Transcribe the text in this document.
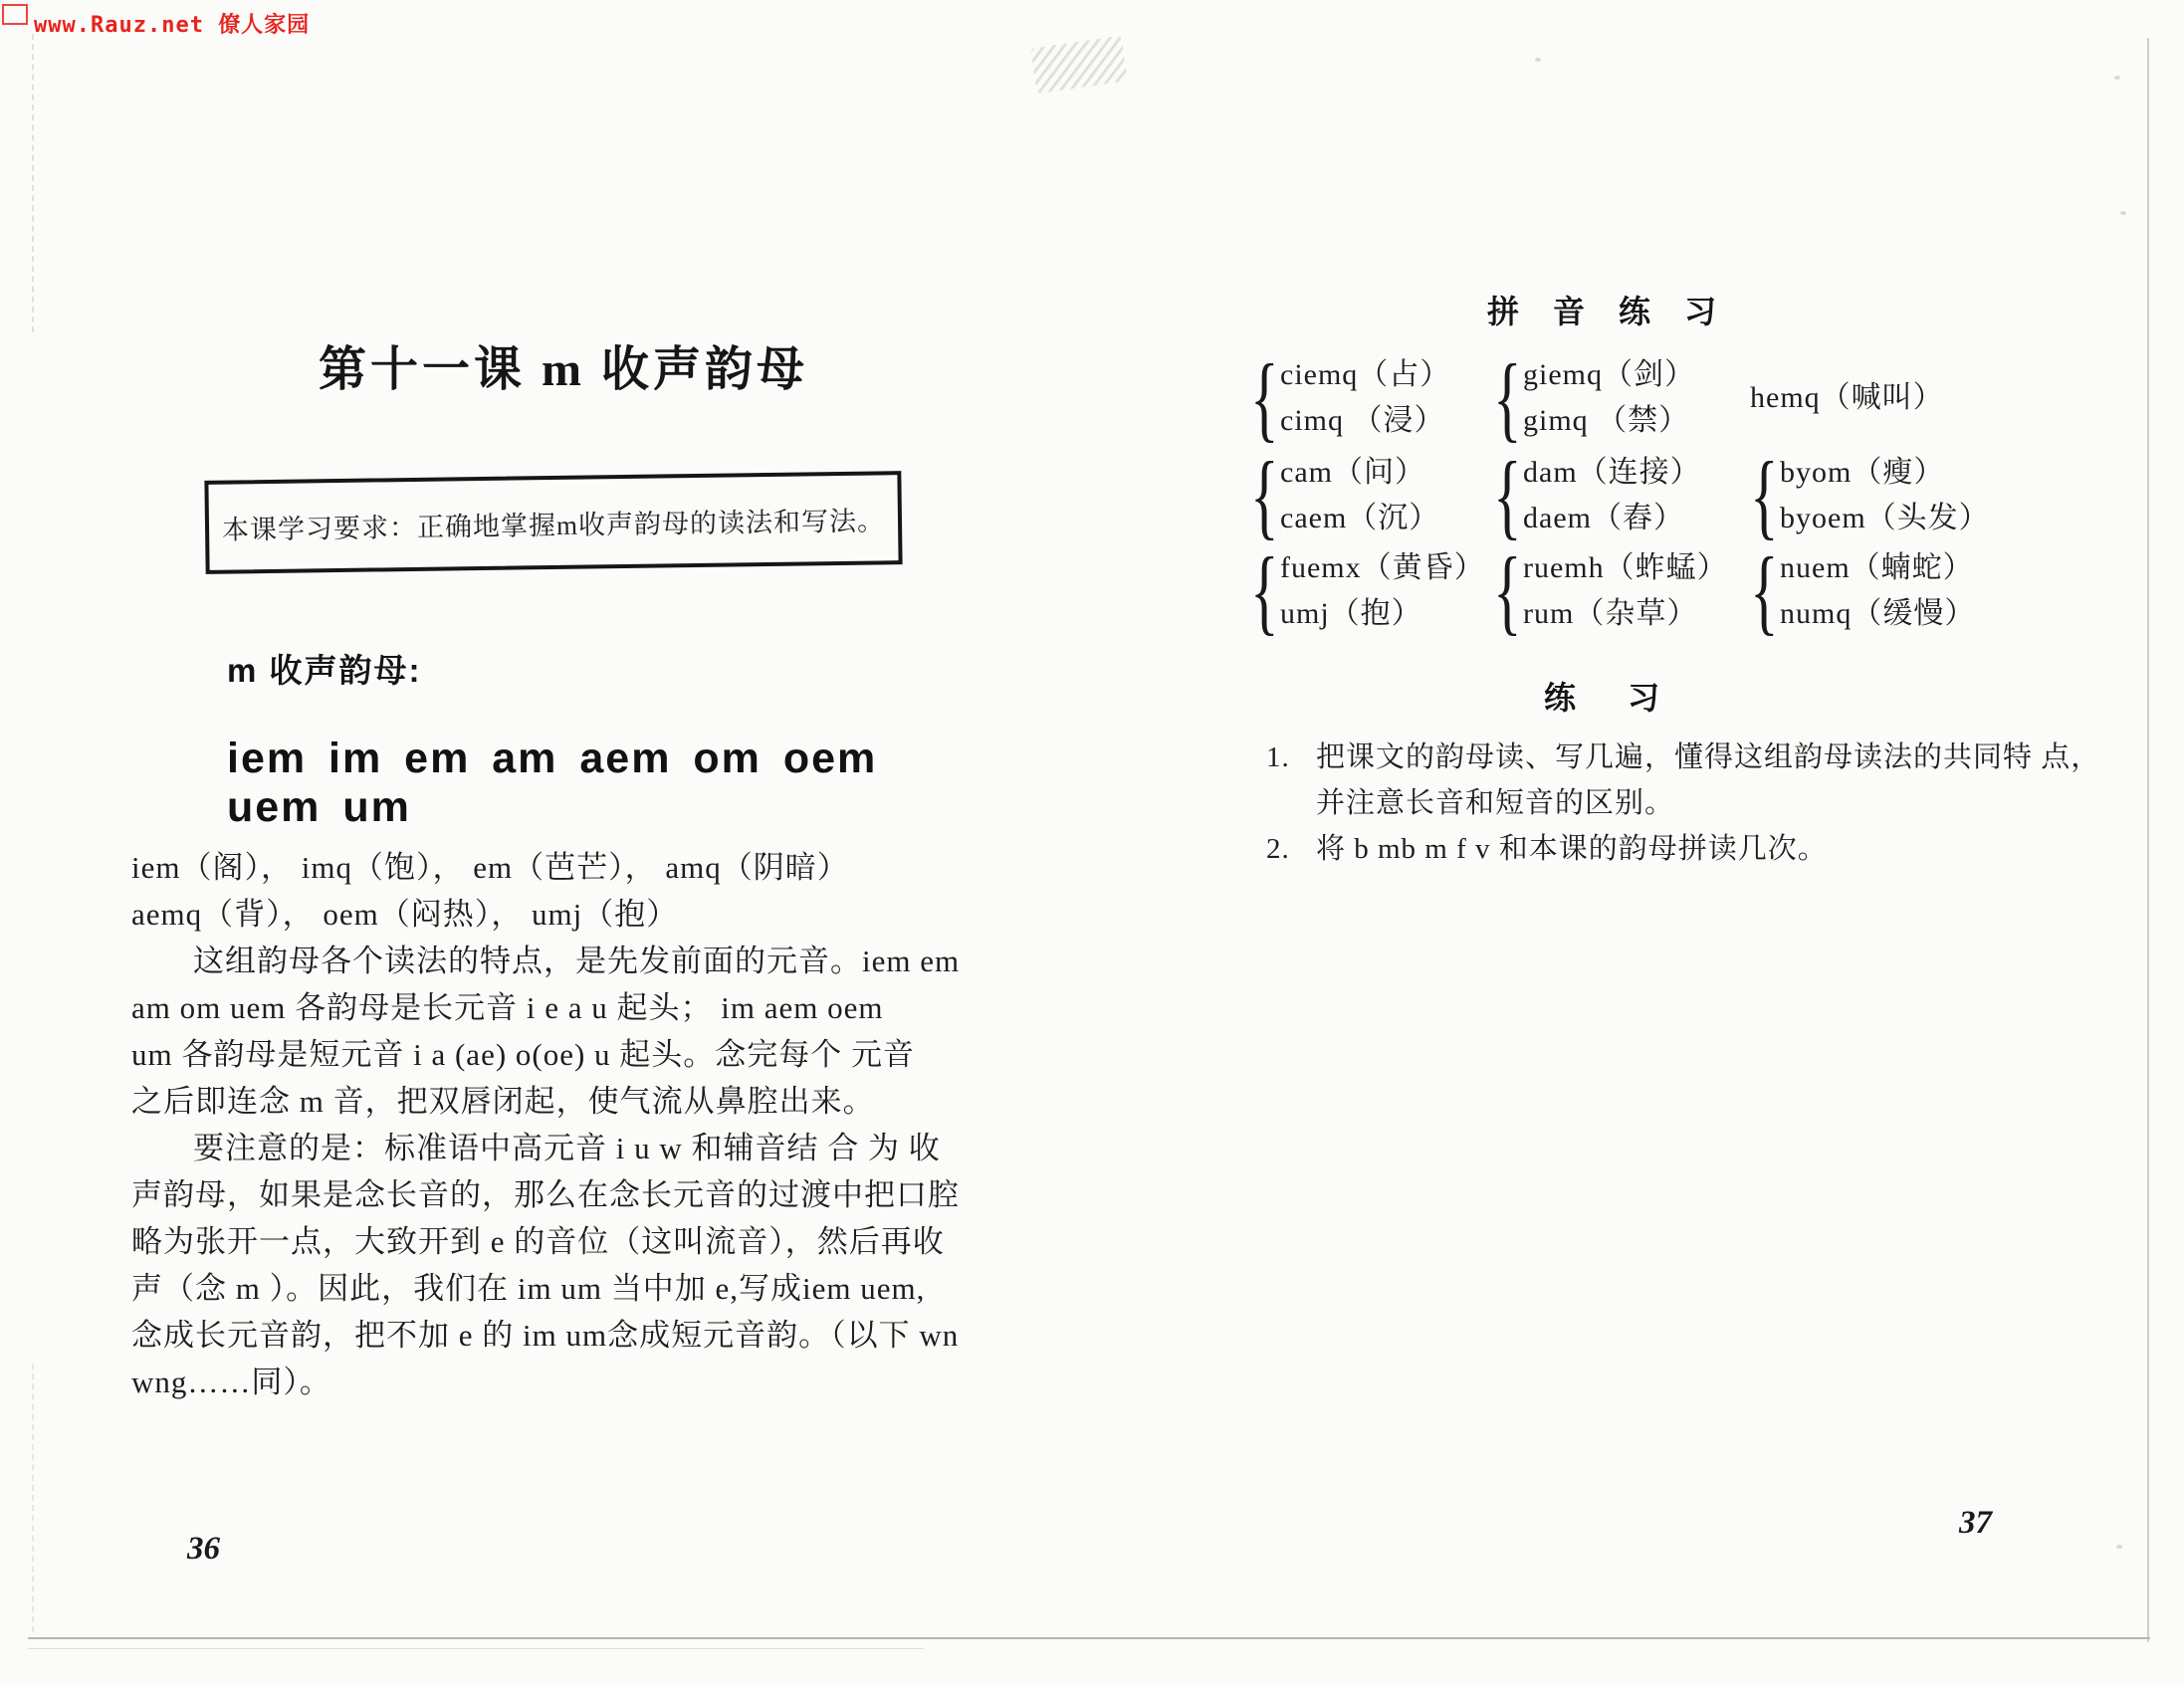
www.Rauz.net 僚人家园
第十一课 m 收声韵母
本课学习要求：正确地掌握m收声韵母的读法和写法。
m 收声韵母:
iem im em am aem om oem uem um
iem（阁）， imq（饱）， em（芭芒）， amq（阴暗）
aemq（背）， oem（闷热）， umj（抱）
这组韵母各个读法的特点，是先发前面的元音。iem em
am om uem 各韵母是长元音 i e a u 起头； im aem oem
um 各韵母是短元音 i a (ae) o(oe) u 起头。念完每个 元音
之后即连念 m 音，把双唇闭起，使气流从鼻腔出来。
要注意的是：标准语中高元音 i u w 和辅音结 合 为 收
声韵母，如果是念长音的，那么在念长元音的过渡中把口腔
略为张开一点，大致开到 e 的音位（这叫流音），然后再收
声（念 m ）。因此，我们在 im um 当中加 e,写成iem uem,
念成长元音韵，把不加 e 的 im um念成短元音韵。（以下 wn
wng……同）。
36
拼 音 练 习
{ ciemq（占）
cimq （浸） { giemq（剑）
gimq （禁）
hemq（喊叫）
{ cam（问）
caem（沉） { dam（连接）
daem（舂） { byom（瘦）
byoem（头发）
{ fuemx（黄昏）
umj（抱） { ruemh（蚱蜢）
rum（杂草） { nuem（蝻蛇）
numq（缓慢）
练 习
1. 把课文的韵母读、写几遍，懂得这组韵母读法的共同特 点，
并注意长音和短音的区别。
2. 将 b mb m f v 和本课的韵母拼读几次。
37
